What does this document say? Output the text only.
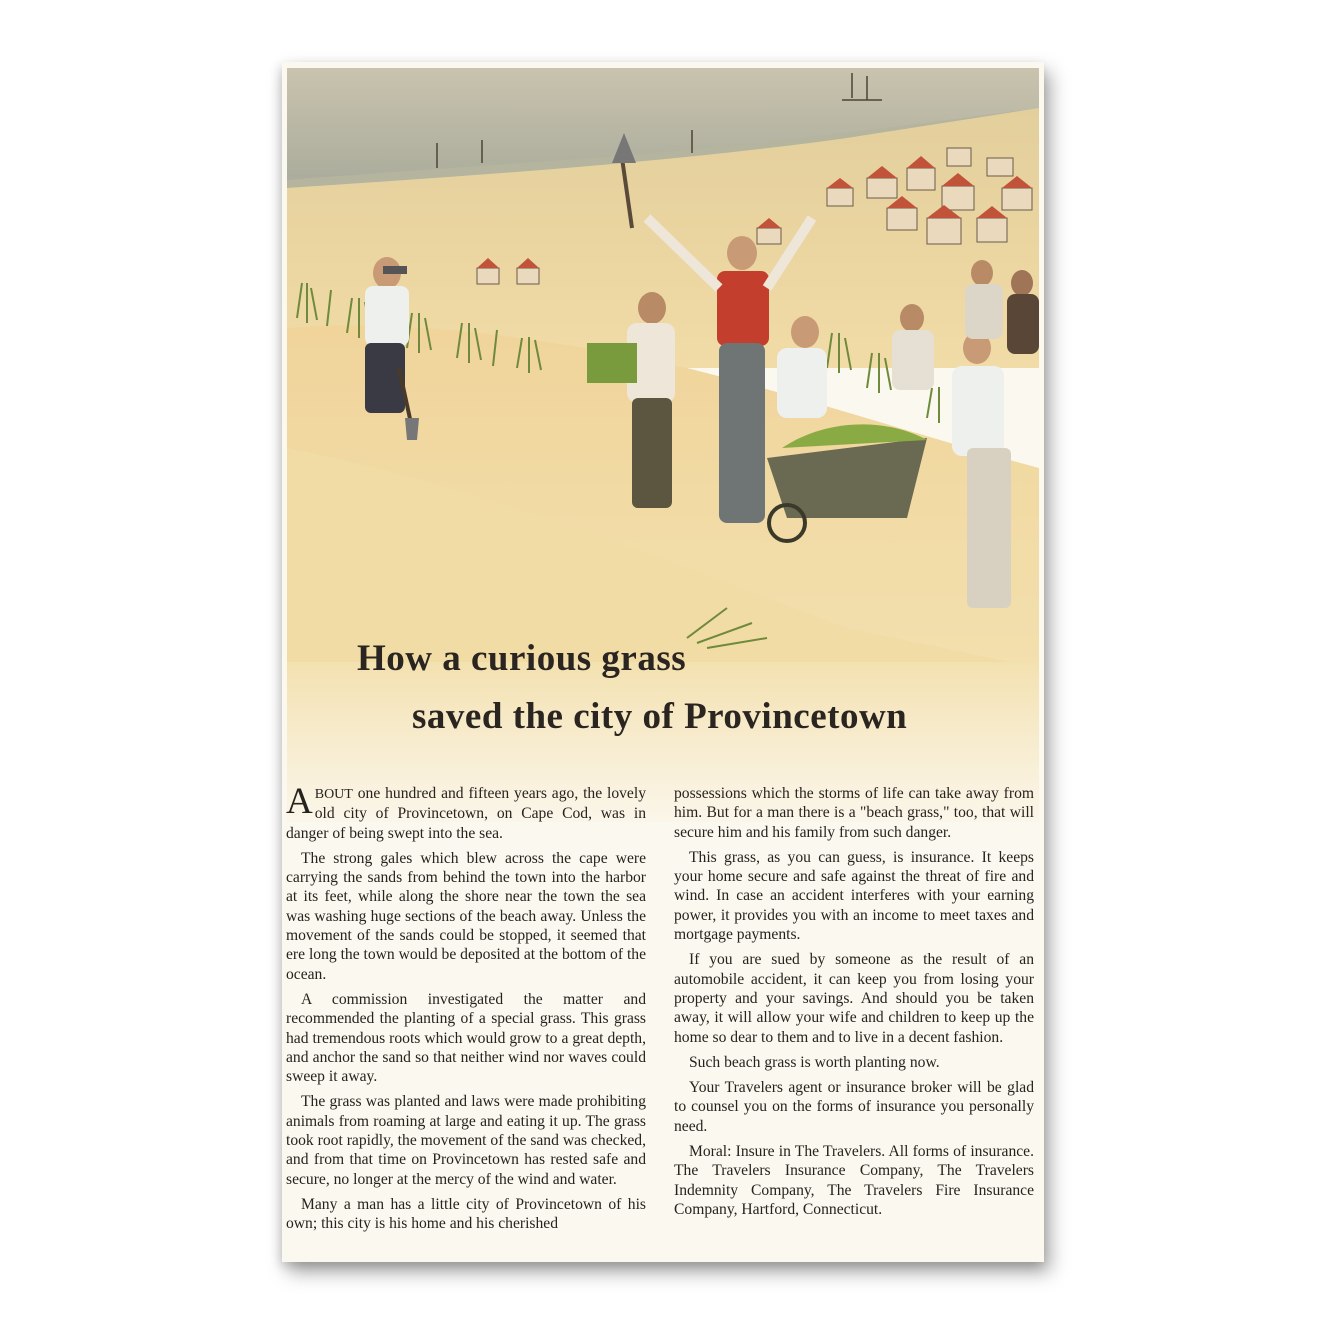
How a curious grass
saved the city of Provincetown

ABOUT one hundred and fifteen years ago, the lovely old city of Provincetown, on Cape Cod, was in danger of being swept into the sea.

The strong gales which blew across the cape were carrying the sands from behind the town into the harbor at its feet, while along the shore near the town the sea was washing huge sections of the beach away. Unless the movement of the sands could be stopped, it seemed that ere long the town would be deposited at the bottom of the ocean.

A commission investigated the matter and recommended the planting of a special grass. This grass had tremendous roots which would grow to a great depth, and anchor the sand so that neither wind nor waves could sweep it away.

The grass was planted and laws were made prohibiting animals from roaming at large and eating it up. The grass took root rapidly, the movement of the sand was checked, and from that time on Provincetown has rested safe and secure, no longer at the mercy of the wind and water.

Many a man has a little city of Provincetown of his own; this city is his home and his cherished

possessions which the storms of life can take away from him. But for a man there is a "beach grass," too, that will secure him and his family from such danger.

This grass, as you can guess, is insurance. It keeps your home secure and safe against the threat of fire and wind. In case an accident interferes with your earning power, it provides you with an income to meet taxes and mortgage payments.

If you are sued by someone as the result of an automobile accident, it can keep you from losing your property and your savings. And should you be taken away, it will allow your wife and children to keep up the home so dear to them and to live in a decent fashion.

Such beach grass is worth planting now.

Your Travelers agent or insurance broker will be glad to counsel you on the forms of insurance you personally need.

Moral: Insure in The Travelers. All forms of insurance. The Travelers Insurance Company, The Travelers Indemnity Company, The Travelers Fire Insurance Company, Hartford, Connecticut.
